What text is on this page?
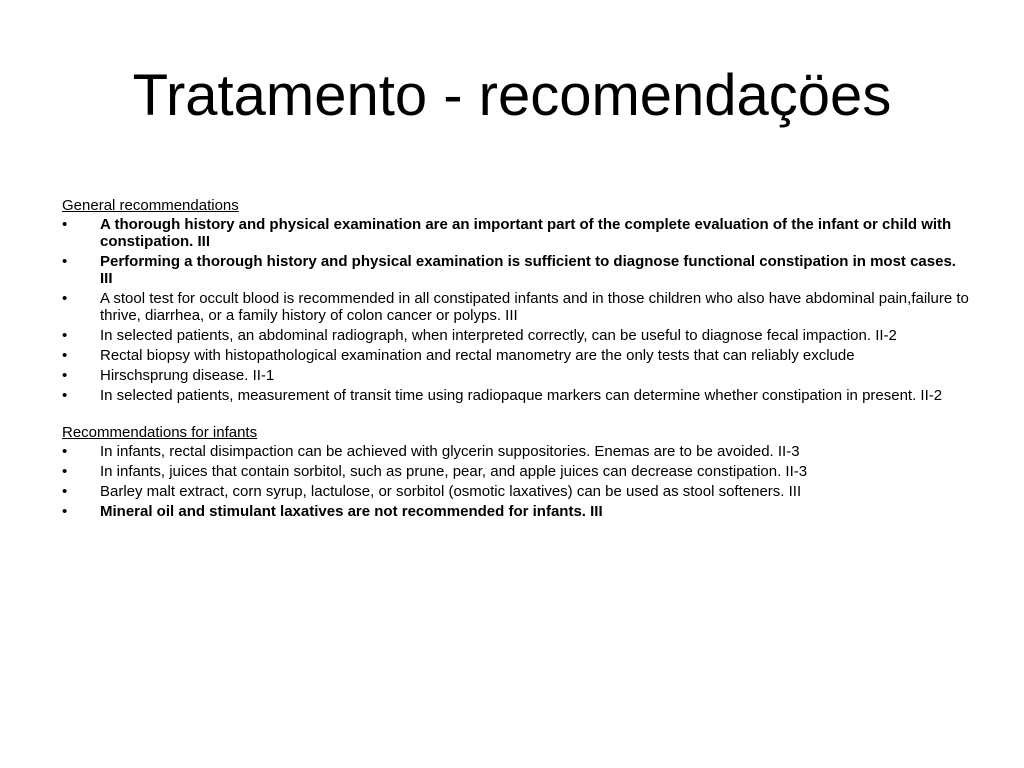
Tratamento - recomendaçöes
General recommendations
• A thorough history and physical examination are an important part of the complete evaluation of the infant or child with constipation. III
• Performing a thorough history and physical examination is sufficient to diagnose functional constipation in most cases. III
• A stool test for occult blood is recommended in all constipated infants and in those children who also have abdominal pain,failure to thrive, diarrhea, or a family history of colon cancer or polyps. III
• In selected patients, an abdominal radiograph, when interpreted correctly, can be useful to diagnose fecal impaction. II-2
• Rectal biopsy with histopathological examination and rectal manometry are the only tests that can reliably exclude
• Hirschsprung disease. II-1
• In selected patients, measurement of transit time using radiopaque markers can determine whether constipation in present. II-2
Recommendations for infants
• In infants, rectal disimpaction can be achieved with glycerin suppositories. Enemas are to be avoided. II-3
• In infants, juices that contain sorbitol, such as prune, pear, and apple juices can decrease constipation. II-3
• Barley malt extract, corn syrup, lactulose, or sorbitol (osmotic laxatives) can be used as stool softeners. III
• Mineral oil and stimulant laxatives are not recommended for infants. III
